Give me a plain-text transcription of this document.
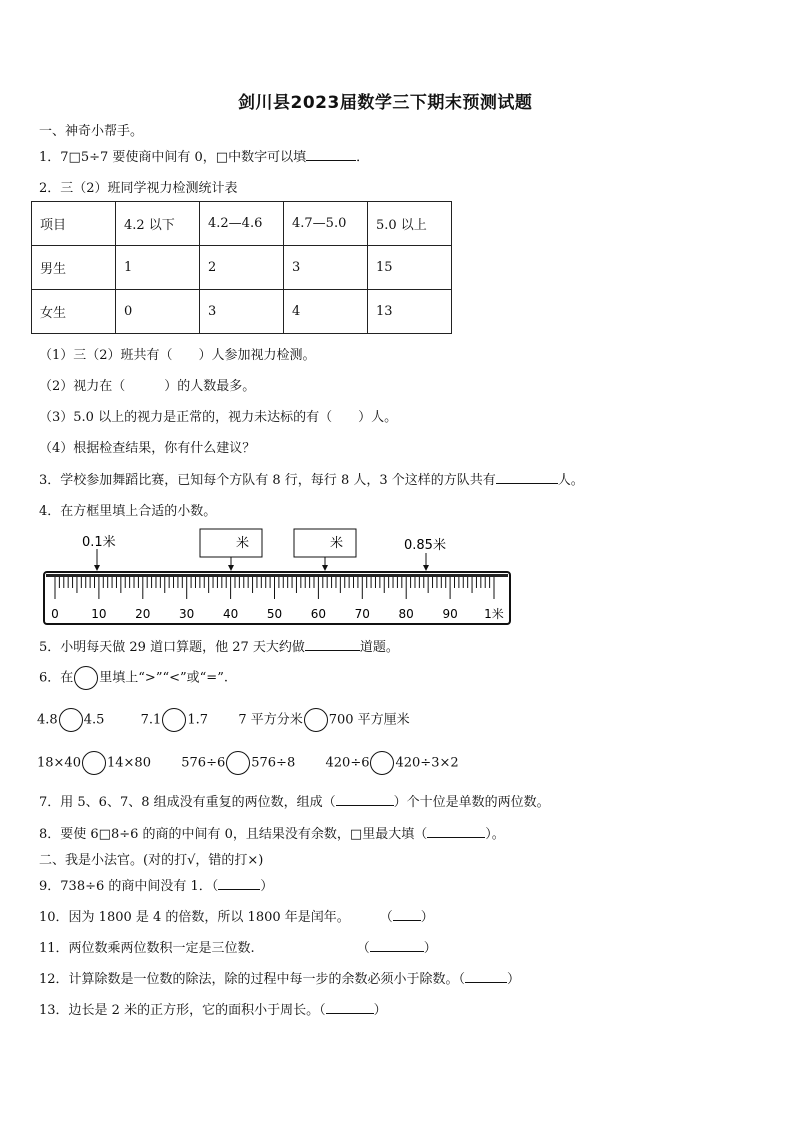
剑川县2023届数学三下期末预测试题
一、神奇小帮手。
1．7□5÷7 要使商中间有 0，□中数字可以填	．
2．三（2）班同学视力检测统计表
项目	4.2 以下	4.2—4.6	4.7—5.0	5.0 以上
男生	1	2	3	15
女生	0	3	4	13
（1）三（2）班共有（　　）人参加视力检测。
（2）视力在（　　　）的人数最多。
（3）5.0 以上的视力是正常的，视力未达标的有（　　）人。
（4）根据检查结果，你有什么建议？
3．学校参加舞蹈比赛，已知每个方队有 8 行，每行 8 人，3 个这样的方队共有	人。
4．在方框里填上合适的小数。
0.1米	米	米	0.85米
0	10 20 30 40 50 60 70 80 90 1米
5．小明每天做 29 道口算题，他 27 天大约做	道题。
6．在 里填上“>”“<”或“=”.
4.8 4.5	7.1 1.7 7 平方分米 700 平方厘米
18×40 14×80 576÷6 576÷8 420÷6 420÷3×2
7．用 5、6、7、8 组成没有重复的两位数，组成（	）个十位是单数的两位数。
8．要使 6□8÷6 的商的中间有 0，且结果没有余数，□里最大填（	）。
二、我是小法官。(对的打√，错的打×)
9．738÷6 的商中间没有 1．（	）
10．因为 1800 是 4 的倍数，所以 1800 年是闰年。 （ ）
11．两位数乘两位数积一定是三位数.	（	）
12．计算除数是一位数的除法，除的过程中每一步的余数必须小于除数。（	）
13．边长是 2 米的正方形，它的面积小于周长。（	）
